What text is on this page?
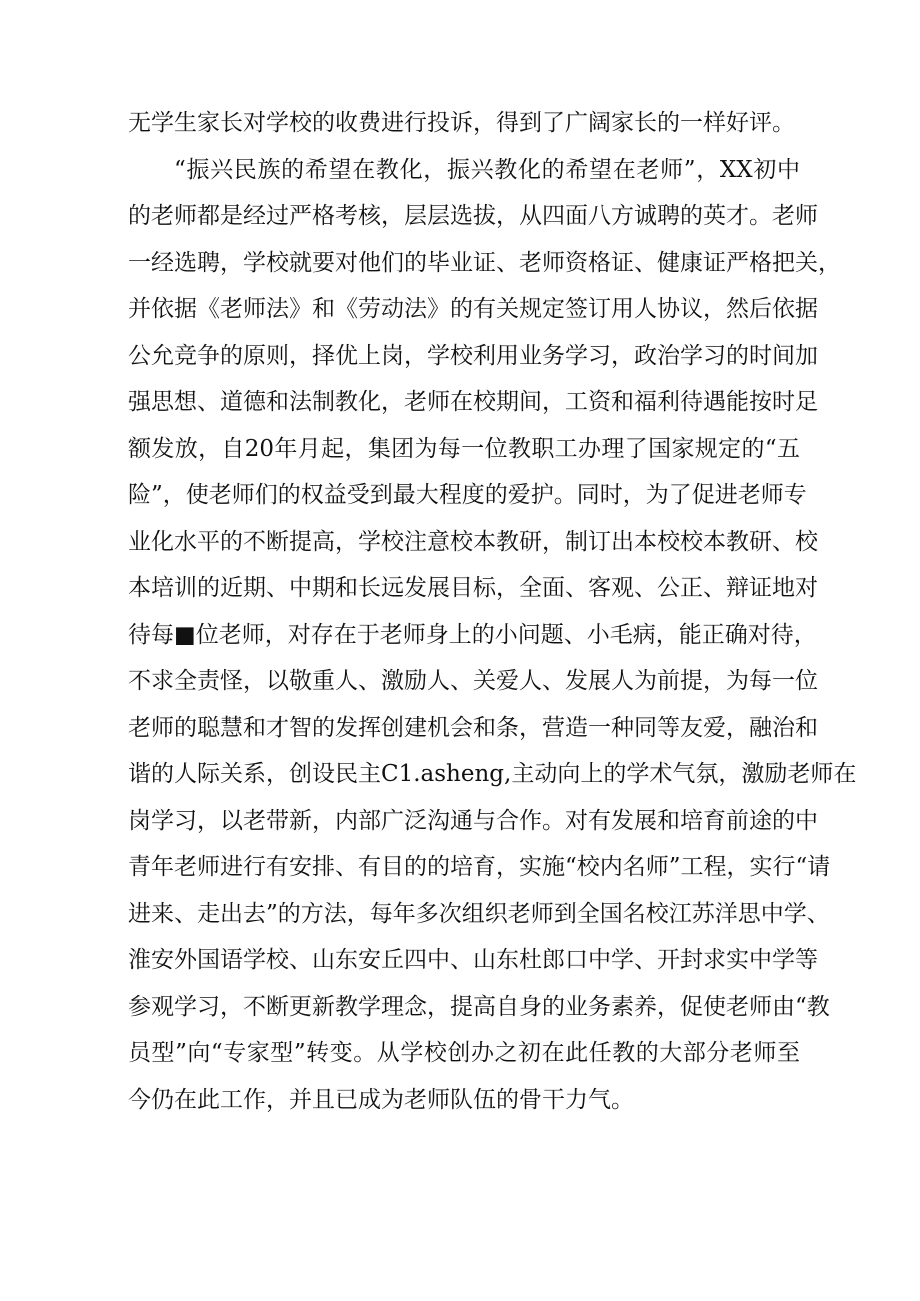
无学生家长对学校的收费进行投诉，得到了广阔家长的一样好评。
“振兴民族的希望在教化，振兴教化的希望在老师”，XX初中
的老师都是经过严格考核，层层选拔，从四面八方诚聘的英才。老师
一经选聘，学校就要对他们的毕业证、老师资格证、健康证严格把关，
并依据《老师法》和《劳动法》的有关规定签订用人协议，然后依据
公允竞争的原则，择优上岗，学校利用业务学习，政治学习的时间加
强思想、道德和法制教化，老师在校期间，工资和福利待遇能按时足
额发放，自20年月起，集团为每一位教职工办理了国家规定的“五
险”，使老师们的权益受到最大程度的爱护。同时，为了促进老师专
业化水平的不断提高，学校注意校本教研，制订出本校校本教研、校
本培训的近期、中期和长远发展目标，全面、客观、公正、辩证地对
待每■位老师，对存在于老师身上的小问题、小毛病，能正确对待，
不求全责怪，以敬重人、激励人、关爱人、发展人为前提，为每一位
老师的聪慧和才智的发挥创建机会和条，营造一种同等友爱，融治和
谐的人际关系，创设民主C1.asheng,主动向上的学术气氛，激励老师在
岗学习，以老带新，内部广泛沟通与合作。对有发展和培育前途的中
青年老师进行有安排、有目的的培育，实施“校内名师”工程，实行“请
进来、走出去”的方法，每年多次组织老师到全国名校江苏洋思中学、
淮安外国语学校、山东安丘四中、山东杜郎口中学、开封求实中学等
参观学习，不断更新教学理念，提高自身的业务素养，促使老师由“教
员型”向“专家型”转变。从学校创办之初在此任教的大部分老师至
今仍在此工作，并且已成为老师队伍的骨干力气。
